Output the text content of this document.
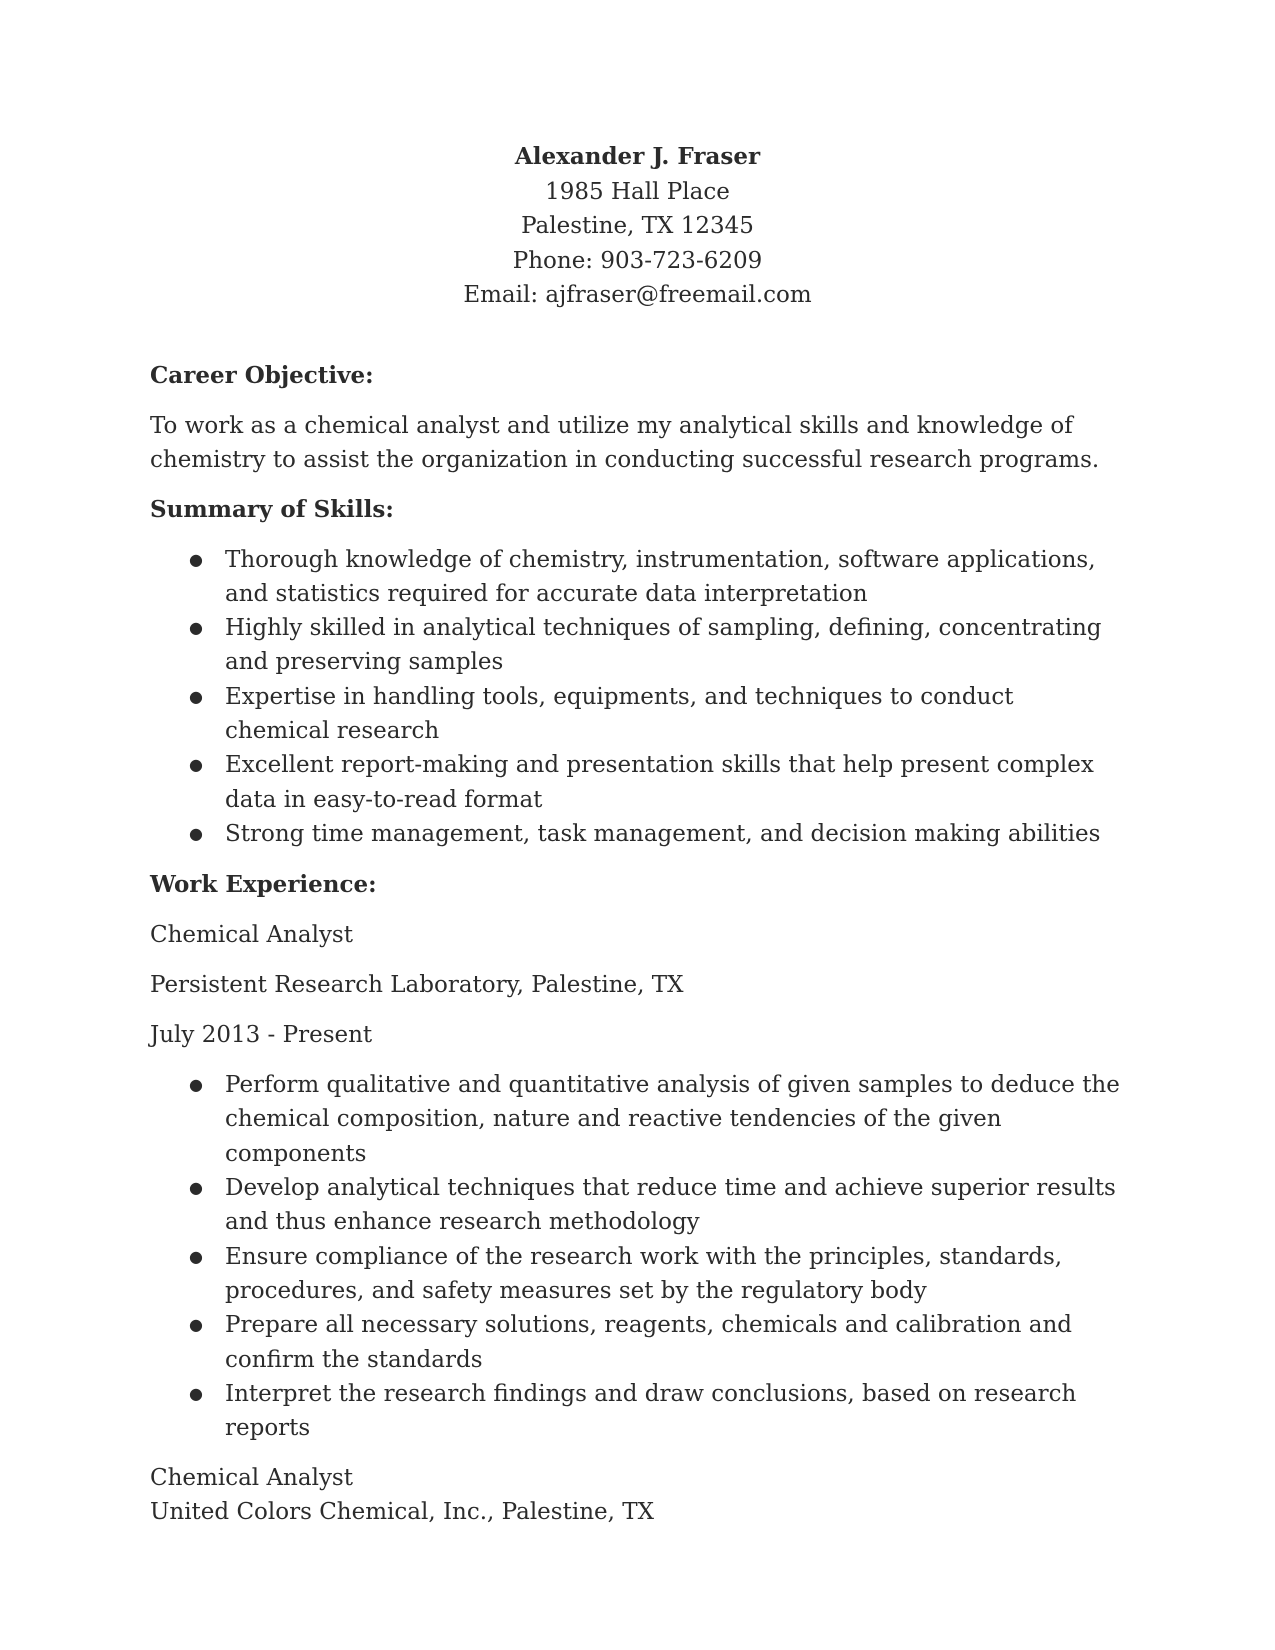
Alexander J. Fraser
1985 Hall Place
Palestine, TX 12345
Phone: 903-723-6209
Email: ajfraser@freemail.com
Career Objective:

To work as a chemical analyst and utilize my analytical skills and knowledge of chemistry to assist the organization in conducting successful research programs.

Summary of Skills:
● Thorough knowledge of chemistry, instrumentation, software applications, and statistics required for accurate data interpretation
● Highly skilled in analytical techniques of sampling, defining, concentrating and preserving samples
● Expertise in handling tools, equipments, and techniques to conduct chemical research
● Excellent report-making and presentation skills that help present complex data in easy-to-read format
● Strong time management, task management, and decision making abilities
Work Experience:

Chemical Analyst

Persistent Research Laboratory, Palestine, TX

July 2013 - Present

● Perform qualitative and quantitative analysis of given samples to deduce the chemical composition, nature and reactive tendencies of the given components
● Develop analytical techniques that reduce time and achieve superior results and thus enhance research methodology
● Ensure compliance of the research work with the principles, standards, procedures, and safety measures set by the regulatory body
● Prepare all necessary solutions, reagents, chemicals and calibration and confirm the standards
● Interpret the research findings and draw conclusions, based on research reports

Chemical Analyst

United Colors Chemical, Inc., Palestine, TX
